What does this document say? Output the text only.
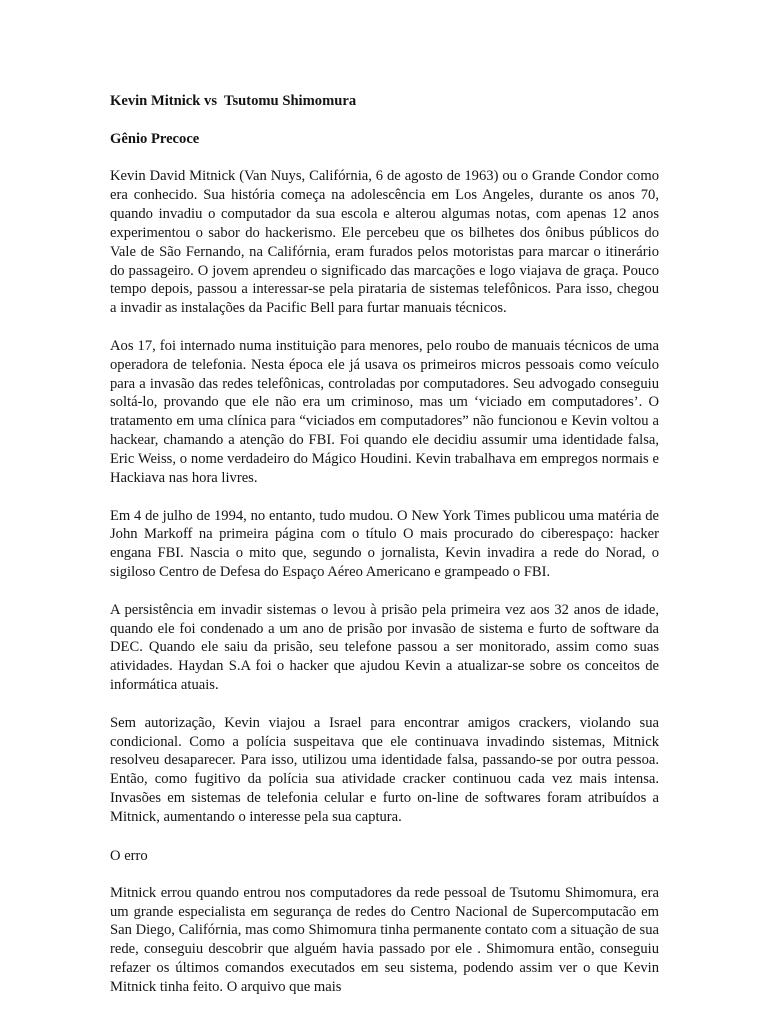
Kevin Mitnick vs  Tsutomu Shimomura

Gênio Precoce

Kevin David Mitnick (Van Nuys, Califórnia, 6 de agosto de 1963) ou o Grande Condor como era conhecido. Sua história começa na adolescência em Los Angeles, durante os anos 70, quando invadiu o computador da sua escola e alterou algumas notas, com apenas 12 anos experimentou o sabor do hackerismo. Ele percebeu que os bilhetes dos ônibus públicos do Vale de São Fernando, na Califórnia, eram furados pelos motoristas para marcar o itinerário do passageiro. O jovem aprendeu o significado das marcações e logo viajava de graça. Pouco tempo depois, passou a interessar-se pela pirataria de sistemas telefônicos. Para isso, chegou a invadir as instalações da Pacific Bell para furtar manuais técnicos.

Aos 17, foi internado numa instituição para menores, pelo roubo de manuais técnicos de uma operadora de telefonia. Nesta época ele já usava os primeiros micros pessoais como veículo para a invasão das redes telefônicas, controladas por computadores. Seu advogado conseguiu soltá-lo, provando que ele não era um criminoso, mas um ‘viciado em computadores’. O tratamento em uma clínica para “viciados em computadores” não funcionou e Kevin voltou a hackear, chamando a atenção do FBI. Foi quando ele decidiu assumir uma identidade falsa, Eric Weiss, o nome verdadeiro do Mágico Houdini. Kevin trabalhava em empregos normais e Hackiava nas hora livres.

Em 4 de julho de 1994, no entanto, tudo mudou. O New York Times publicou uma matéria de John Markoff na primeira página com o título O mais procurado do ciberespaço: hacker engana FBI. Nascia o mito que, segundo o jornalista, Kevin invadira a rede do Norad, o sigiloso Centro de Defesa do Espaço Aéreo Americano e grampeado o FBI.

A persistência em invadir sistemas o levou à prisão pela primeira vez aos 32 anos de idade, quando ele foi condenado a um ano de prisão por invasão de sistema e furto de software da DEC. Quando ele saiu da prisão, seu telefone passou a ser monitorado, assim como suas atividades. Haydan S.A foi o hacker que ajudou Kevin a atualizar-se sobre os conceitos de informática atuais.

Sem autorização, Kevin viajou a Israel para encontrar amigos crackers, violando sua condicional. Como a polícia suspeitava que ele continuava invadindo sistemas, Mitnick resolveu desaparecer. Para isso, utilizou uma identidade falsa, passando-se por outra pessoa. Então, como fugitivo da polícia sua atividade cracker continuou cada vez mais intensa. Invasões em sistemas de telefonia celular e furto on-line de softwares foram atribuídos a Mitnick, aumentando o interesse pela sua captura.

O erro

Mitnick errou quando entrou nos computadores da rede pessoal de Tsutomu Shimomura, era um grande especialista em segurança de redes do Centro Nacional de Supercomputacão em San Diego, Califórnia, mas como Shimomura tinha permanente contato com a situação de sua rede, conseguiu descobrir que alguém havia passado por ele . Shimomura então, conseguiu refazer os últimos comandos executados em seu sistema, podendo assim ver o que Kevin Mitnick tinha feito. O arquivo que mais
